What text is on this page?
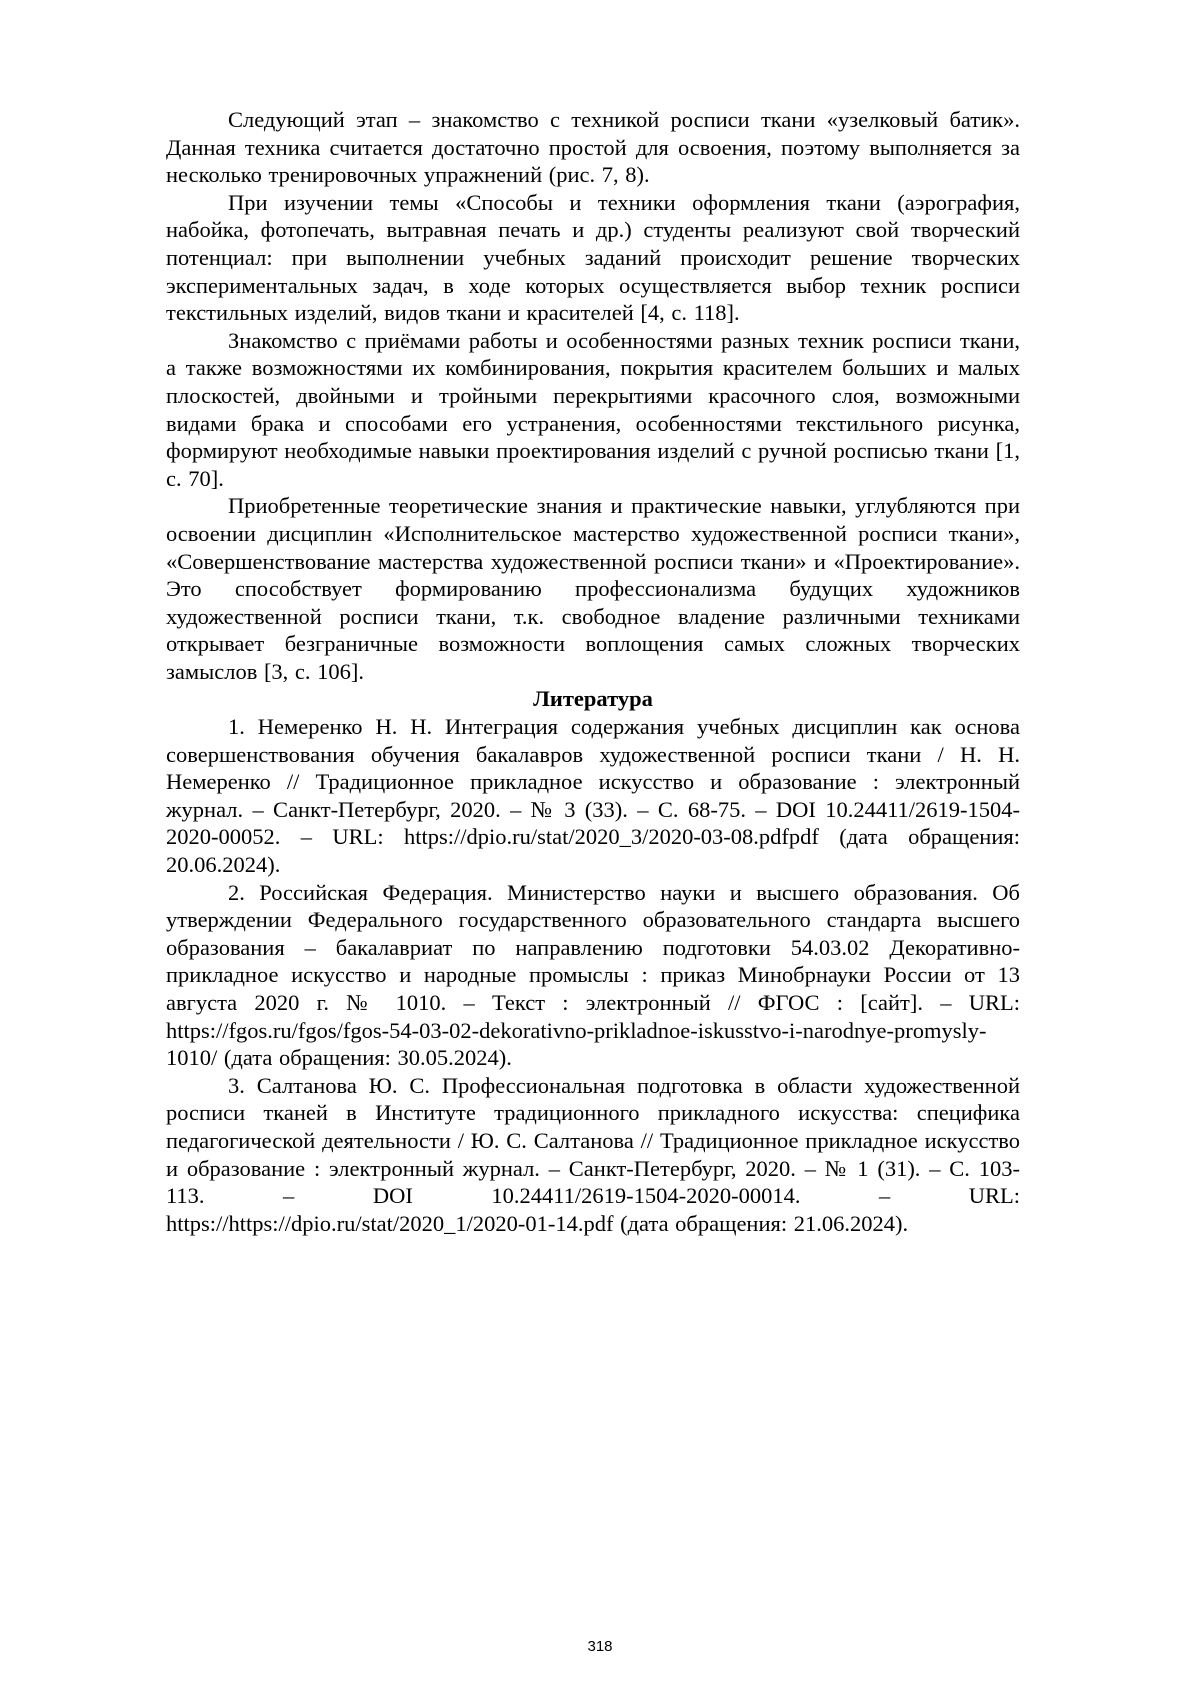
Следующий этап – знакомство с техникой росписи ткани «узелковый батик». Данная техника считается достаточно простой для освоения, поэтому выполняется за несколько тренировочных упражнений (рис. 7, 8).

При изучении темы «Способы и техники оформления ткани (аэрография, набойка, фотопечать, вытравная печать и др.) студенты реализуют свой творческий потенциал: при выполнении учебных заданий происходит решение творческих экспериментальных задач, в ходе которых осуществляется выбор техник росписи текстильных изделий, видов ткани и красителей [4, с. 118].

Знакомство с приёмами работы и особенностями разных техник росписи ткани, а также возможностями их комбинирования, покрытия красителем больших и малых плоскостей, двойными и тройными перекрытиями красочного слоя, возможными видами брака и способами его устранения, особенностями текстильного рисунка, формируют необходимые навыки проектирования изделий с ручной росписью ткани [1, с. 70].

Приобретенные теоретические знания и практические навыки, углубляются при освоении дисциплин «Исполнительское мастерство художественной росписи ткани», «Совершенствование мастерства художественной росписи ткани» и «Проектирование». Это способствует формированию профессионализма будущих художников художественной росписи ткани, т.к. свободное владение различными техниками открывает безграничные возможности воплощения самых сложных творческих замыслов [3, с. 106].

Литература

1. Немеренко Н. Н. Интеграция содержания учебных дисциплин как основа совершенствования обучения бакалавров художественной росписи ткани / Н. Н. Немеренко // Традиционное прикладное искусство и образование : электронный журнал. – Санкт-Петербург, 2020. – № 3 (33). – С. 68-75. – DOI 10.24411/2619-1504-2020-00052. – URL: https://dpio.ru/stat/2020_3/2020-03-08.pdfpdf (дата обращения: 20.06.2024).

2. Российская Федерация. Министерство науки и высшего образования. Об утверждении Федерального государственного образовательного стандарта высшего образования – бакалавриат по направлению подготовки 54.03.02 Декоративно-прикладное искусство и народные промыслы : приказ Минобрнауки России от 13 августа 2020 г. № 1010. – Текст : электронный // ФГОС : [сайт]. – URL: https://fgos.ru/fgos/fgos-54-03-02-dekorativno-prikladnoe-iskusstvo-i-narodnye-promysly-1010/ (дата обращения: 30.05.2024).

3. Салтанова Ю. С. Профессиональная подготовка в области художественной росписи тканей в Институте традиционного прикладного искусства: специфика педагогической деятельности / Ю. С. Салтанова // Традиционное прикладное искусство и образование : электронный журнал. – Санкт-Петербург, 2020. – № 1 (31). – С. 103-113. – DOI 10.24411/2619-1504-2020-00014. – URL: https://https://dpio.ru/stat/2020_1/2020-01-14.pdf (дата обращения: 21.06.2024).

318
